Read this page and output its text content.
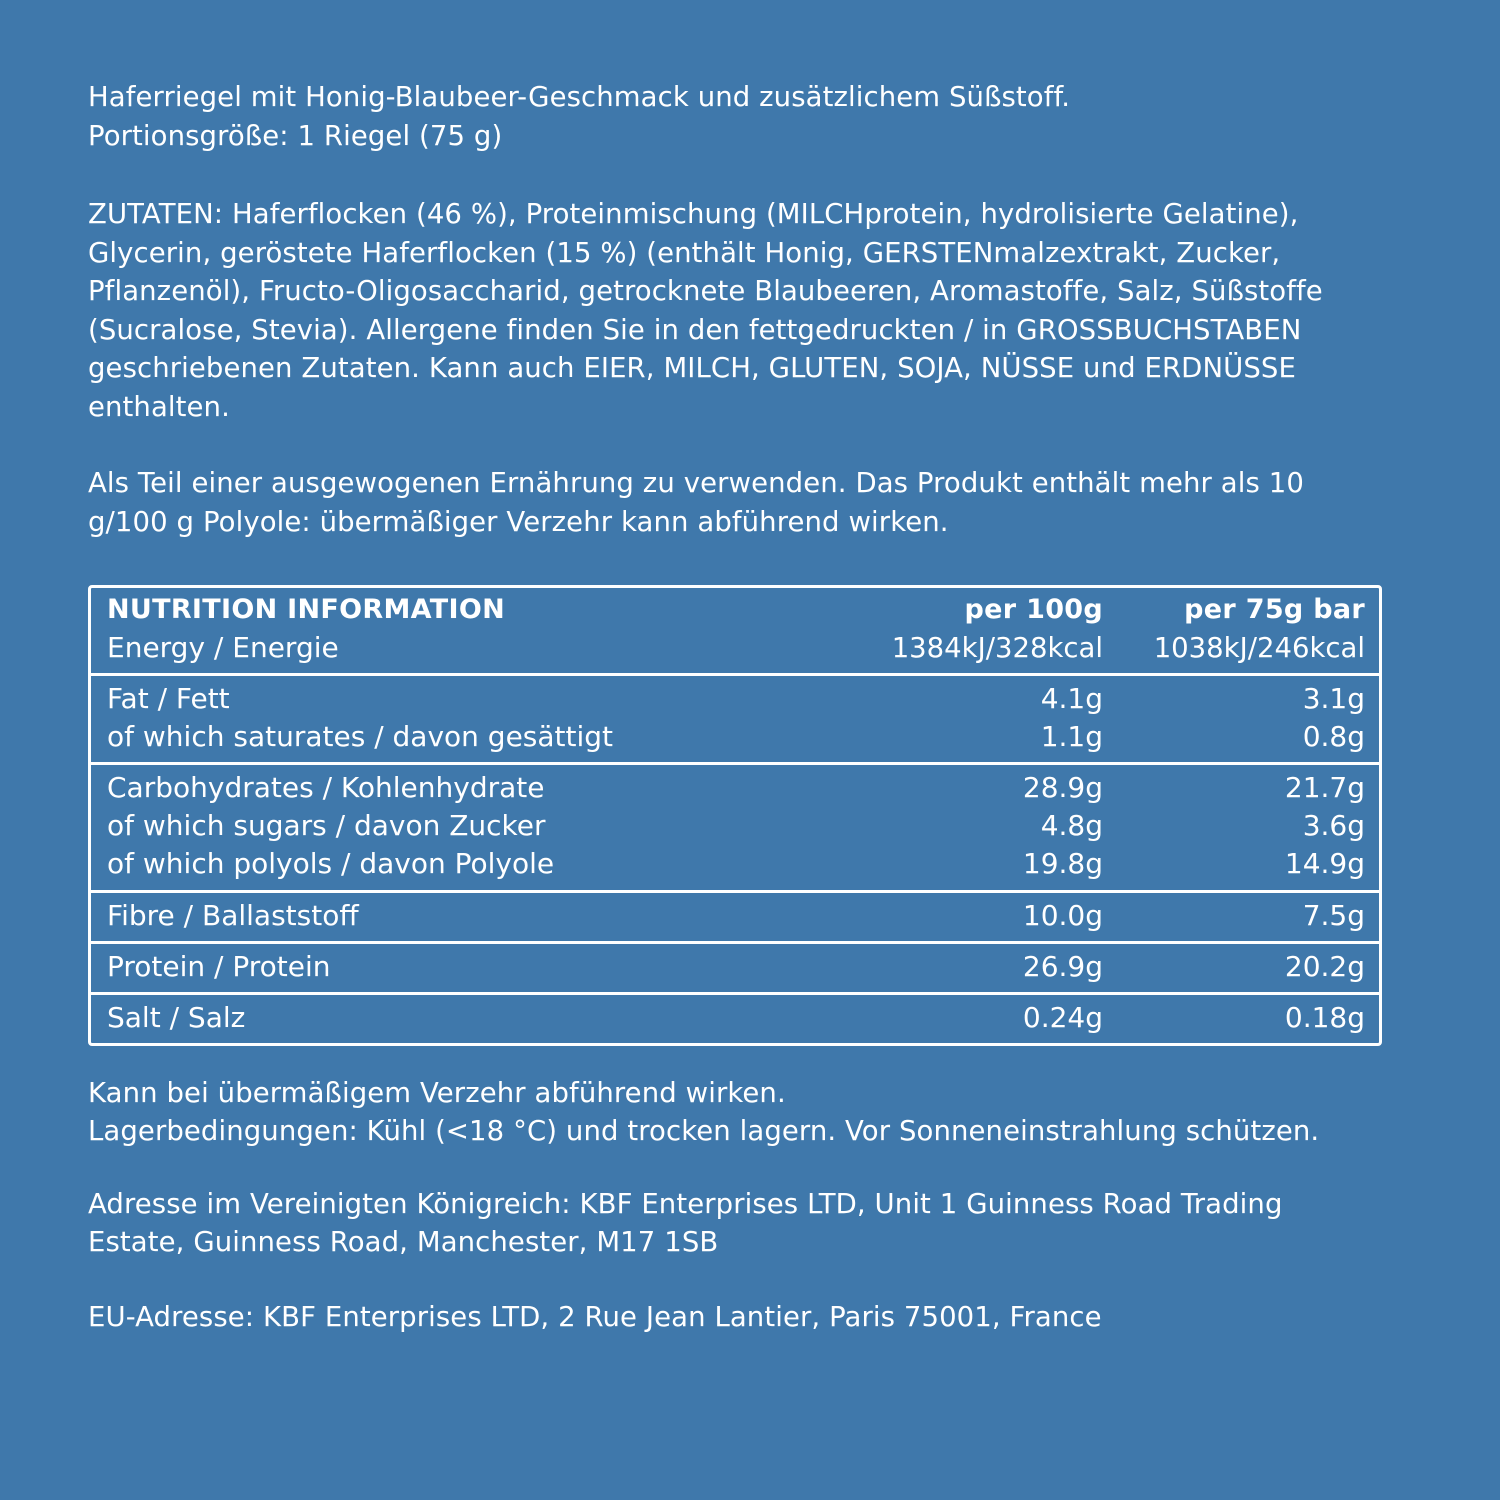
Haferriegel mit Honig-Blaubeer-Geschmack und zusätzlichem Süßstoff.

Portionsgröße: 1 Riegel (75 g)

ZUTATEN: Haferflocken (46 %), Proteinmischung (MILCHprotein, hydrolisierte Gelatine), Glycerin, geröstete Haferflocken (15 %) (enthält Honig, GERSTENmalzextrakt, Zucker, Pflanzenöl), Fructo-Oligosaccharid, getrocknete Blaubeeren, Aromastoffe, Salz, Süßstoffe (Sucralose, Stevia). Allergene finden Sie in den fettgedruckten / in GROSSBUCHSTABEN geschriebenen Zutaten. Kann auch EIER, MILCH, GLUTEN, SOJA, NÜSSE und ERDNÜSSE enthalten.

Als Teil einer ausgewogenen Ernährung zu verwenden. Das Produkt enthält mehr als 10 g/100 g Polyole: übermäßiger Verzehr kann abführend wirken.

NUTRITION INFORMATION	per 100g	per 75g bar
Energy / Energie	1384kJ/328kcal	1038kJ/246kcal
Fat / Fett	4.1g	3.1g
of which saturates / davon gesättigt	1.1g	0.8g
Carbohydrates / Kohlenhydrate	28.9g	21.7g
of which sugars / davon Zucker	4.8g	3.6g
of which polyols / davon Polyole	19.8g	14.9g
Fibre / Ballaststoff	10.0g	7.5g
Protein / Protein	26.9g	20.2g
Salt / Salz	0.24g	0.18g

Kann bei übermäßigem Verzehr abführend wirken.

Lagerbedingungen: Kühl (<18 °C) und trocken lagern. Vor Sonneneinstrahlung schützen.

Adresse im Vereinigten Königreich: KBF Enterprises LTD, Unit 1 Guinness Road Trading Estate, Guinness Road, Manchester, M17 1SB

EU-Adresse: KBF Enterprises LTD, 2 Rue Jean Lantier, Paris 75001, France
